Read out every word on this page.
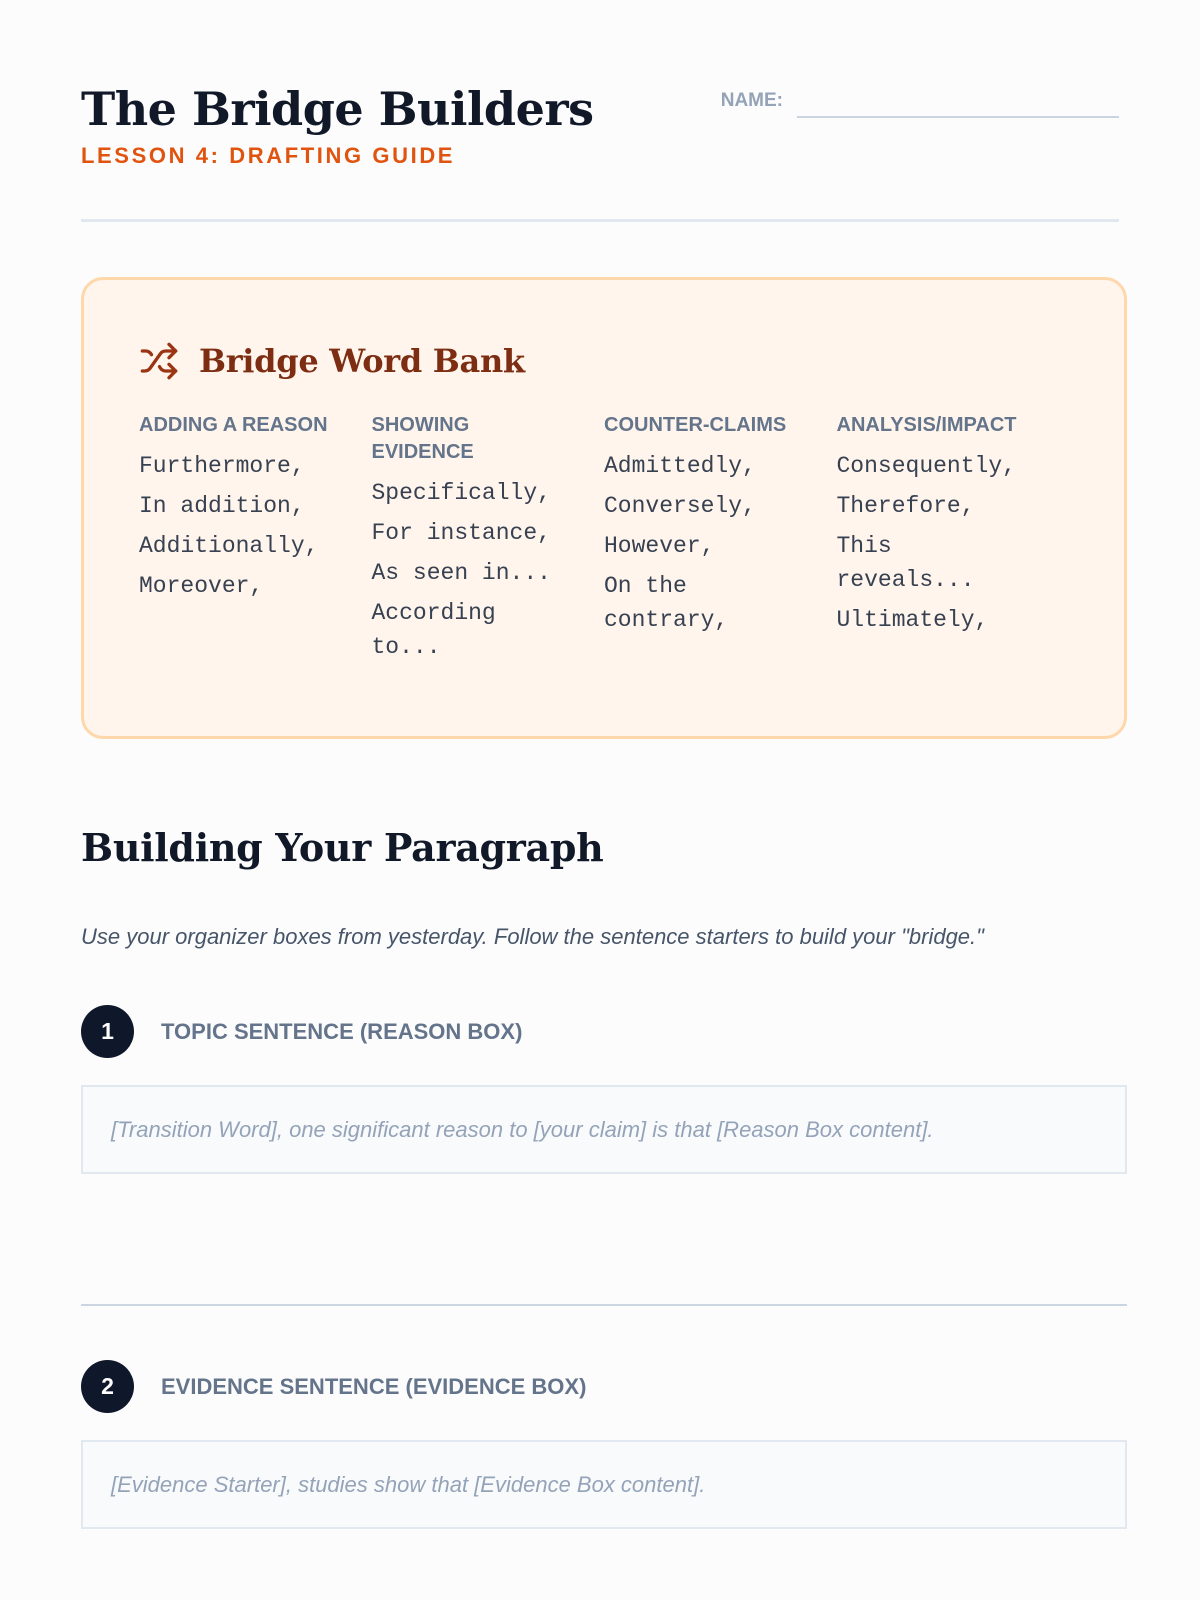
The Bridge Builders
LESSON 4: DRAFTING GUIDE
NAME:
Bridge Word Bank
ADDING A REASON
Furthermore,
In addition,
Additionally,
Moreover,
SHOWING EVIDENCE
Specifically,
For instance,
As seen in...
According to...
COUNTER-CLAIMS
Admittedly,
Conversely,
However,
On the contrary,
ANALYSIS/IMPACT
Consequently,
Therefore,
This reveals...
Ultimately,
Building Your Paragraph
Use your organizer boxes from yesterday. Follow the sentence starters to build your "bridge."
1	TOPIC SENTENCE (REASON BOX)
[Transition Word], one significant reason to [your claim] is that [Reason Box content].
2	EVIDENCE SENTENCE (EVIDENCE BOX)
[Evidence Starter], studies show that [Evidence Box content].
